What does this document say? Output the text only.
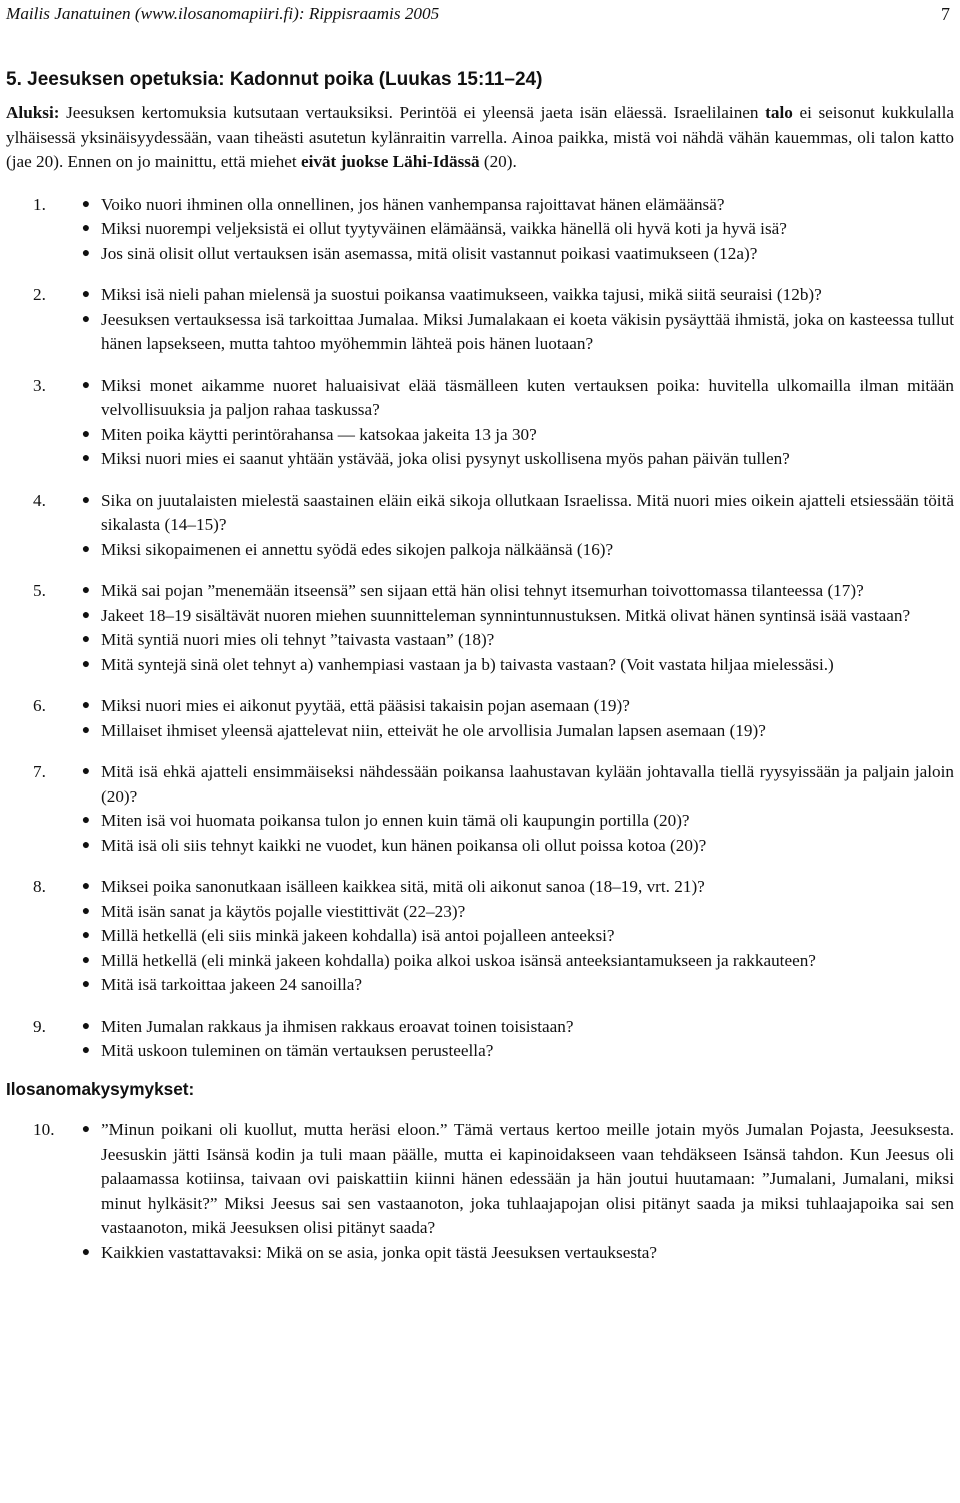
Mailis Janatuinen (www.ilosanomapiiri.fi): Rippisraamis 2005	7
5. Jeesuksen opetuksia: Kadonnut poika (Luukas 15:11–24)
Aluksi: Jeesuksen kertomuksia kutsutaan vertauksiksi. Perintöä ei yleensä jaeta isän eläessä. Israelilainen talo ei seisonut kukkulalla ylhäisessä yksinäisyydessään, vaan tiheästi asutetun kylänraitin varrella. Ainoa paikka, mistä voi nähdä vähän kauemmas, oli talon katto (jae 20). Ennen on jo mainittu, että miehet eivät juokse Lähi-Idässä (20).
1.	● Voiko nuori ihminen olla onnellinen, jos hänen vanhempansa rajoittavat hänen elämäänsä?
● Miksi nuorempi veljeksistä ei ollut tyytyväinen elämäänsä, vaikka hänellä oli hyvä koti ja hyvä isä?
● Jos sinä olisit ollut vertauksen isän asemassa, mitä olisit vastannut poikasi vaatimukseen (12a)?
2.	● Miksi isä nieli pahan mielensä ja suostui poikansa vaatimukseen, vaikka tajusi, mikä siitä seuraisi (12b)?
● Jeesuksen vertauksessa isä tarkoittaa Jumalaa. Miksi Jumalakaan ei koeta väkisin pysäyttää ihmistä, joka on kasteessa tullut hänen lapsekseen, mutta tahtoo myöhemmin lähteä pois hänen luotaan?
3.	● Miksi monet aikamme nuoret haluaisivat elää täsmälleen kuten vertauksen poika: huvitella ulkomailla ilman mitään velvollisuuksia ja paljon rahaa taskussa?
● Miten poika käytti perintörahansa — katsokaa jakeita 13 ja 30?
● Miksi nuori mies ei saanut yhtään ystävää, joka olisi pysynyt uskollisena myös pahan päivän tullen?
4.	● Sika on juutalaisten mielestä saastainen eläin eikä sikoja ollutkaan Israelissa. Mitä nuori mies oikein ajatteli etsiessään töitä sikalasta (14–15)?
● Miksi sikopaimenen ei annettu syödä edes sikojen palkoja nälkäänsä (16)?
5.	● Mikä sai pojan ”menemään itseensä” sen sijaan että hän olisi tehnyt itsemurhan toivottomassa tilanteessa (17)?
● Jakeet 18–19 sisältävät nuoren miehen suunnitteleman synnintunnustuksen. Mitkä olivat hänen syntinsä isää vastaan?
● Mitä syntiä nuori mies oli tehnyt ”taivasta vastaan” (18)?
● Mitä syntejä sinä olet tehnyt a) vanhempiasi vastaan ja b) taivasta vastaan? (Voit vastata hiljaa mielessäsi.)
6.	● Miksi nuori mies ei aikonut pyytää, että pääsisi takaisin pojan asemaan (19)?
● Millaiset ihmiset yleensä ajattelevat niin, etteivät he ole arvollisia Jumalan lapsen asemaan (19)?
7.	● Mitä isä ehkä ajatteli ensimmäiseksi nähdessään poikansa laahustavan kylään johtavalla tiellä ryysyissään ja paljain jaloin (20)?
● Miten isä voi huomata poikansa tulon jo ennen kuin tämä oli kaupungin portilla (20)?
● Mitä isä oli siis tehnyt kaikki ne vuodet, kun hänen poikansa oli ollut poissa kotoa (20)?
8.	● Miksei poika sanonutkaan isälleen kaikkea sitä, mitä oli aikonut sanoa (18–19, vrt. 21)?
● Mitä isän sanat ja käytös pojalle viestittivät (22–23)?
● Millä hetkellä (eli siis minkä jakeen kohdalla) isä antoi pojalleen anteeksi?
● Millä hetkellä (eli minkä jakeen kohdalla) poika alkoi uskoa isänsä anteeksiantamukseen ja rakkauteen?
● Mitä isä tarkoittaa jakeen 24 sanoilla?
9.	● Miten Jumalan rakkaus ja ihmisen rakkaus eroavat toinen toisistaan?
● Mitä uskoon tuleminen on tämän vertauksen perusteella?
Ilosanomakysymykset:
10.	● ”Minun poikani oli kuollut, mutta heräsi eloon.” Tämä vertaus kertoo meille jotain myös Jumalan Pojasta, Jeesuksesta. Jeesuskin jätti Isänsä kodin ja tuli maan päälle, mutta ei kapinoidakseen vaan tehdäkseen Isänsä tahdon. Kun Jeesus oli palaamassa kotiinsa, taivaan ovi paiskattiin kiinni hänen edessään ja hän joutui huutamaan: ”Jumalani, Jumalani, miksi minut hylkäsit?” Miksi Jeesus sai sen vastaanoton, joka tuhlaajapojan olisi pitänyt saada ja miksi tuhlaajapoika sai sen vastaanoton, mikä Jeesuksen olisi pitänyt saada?
● Kaikkien vastattavaksi: Mikä on se asia, jonka opit tästä Jeesuksen vertauksesta?
